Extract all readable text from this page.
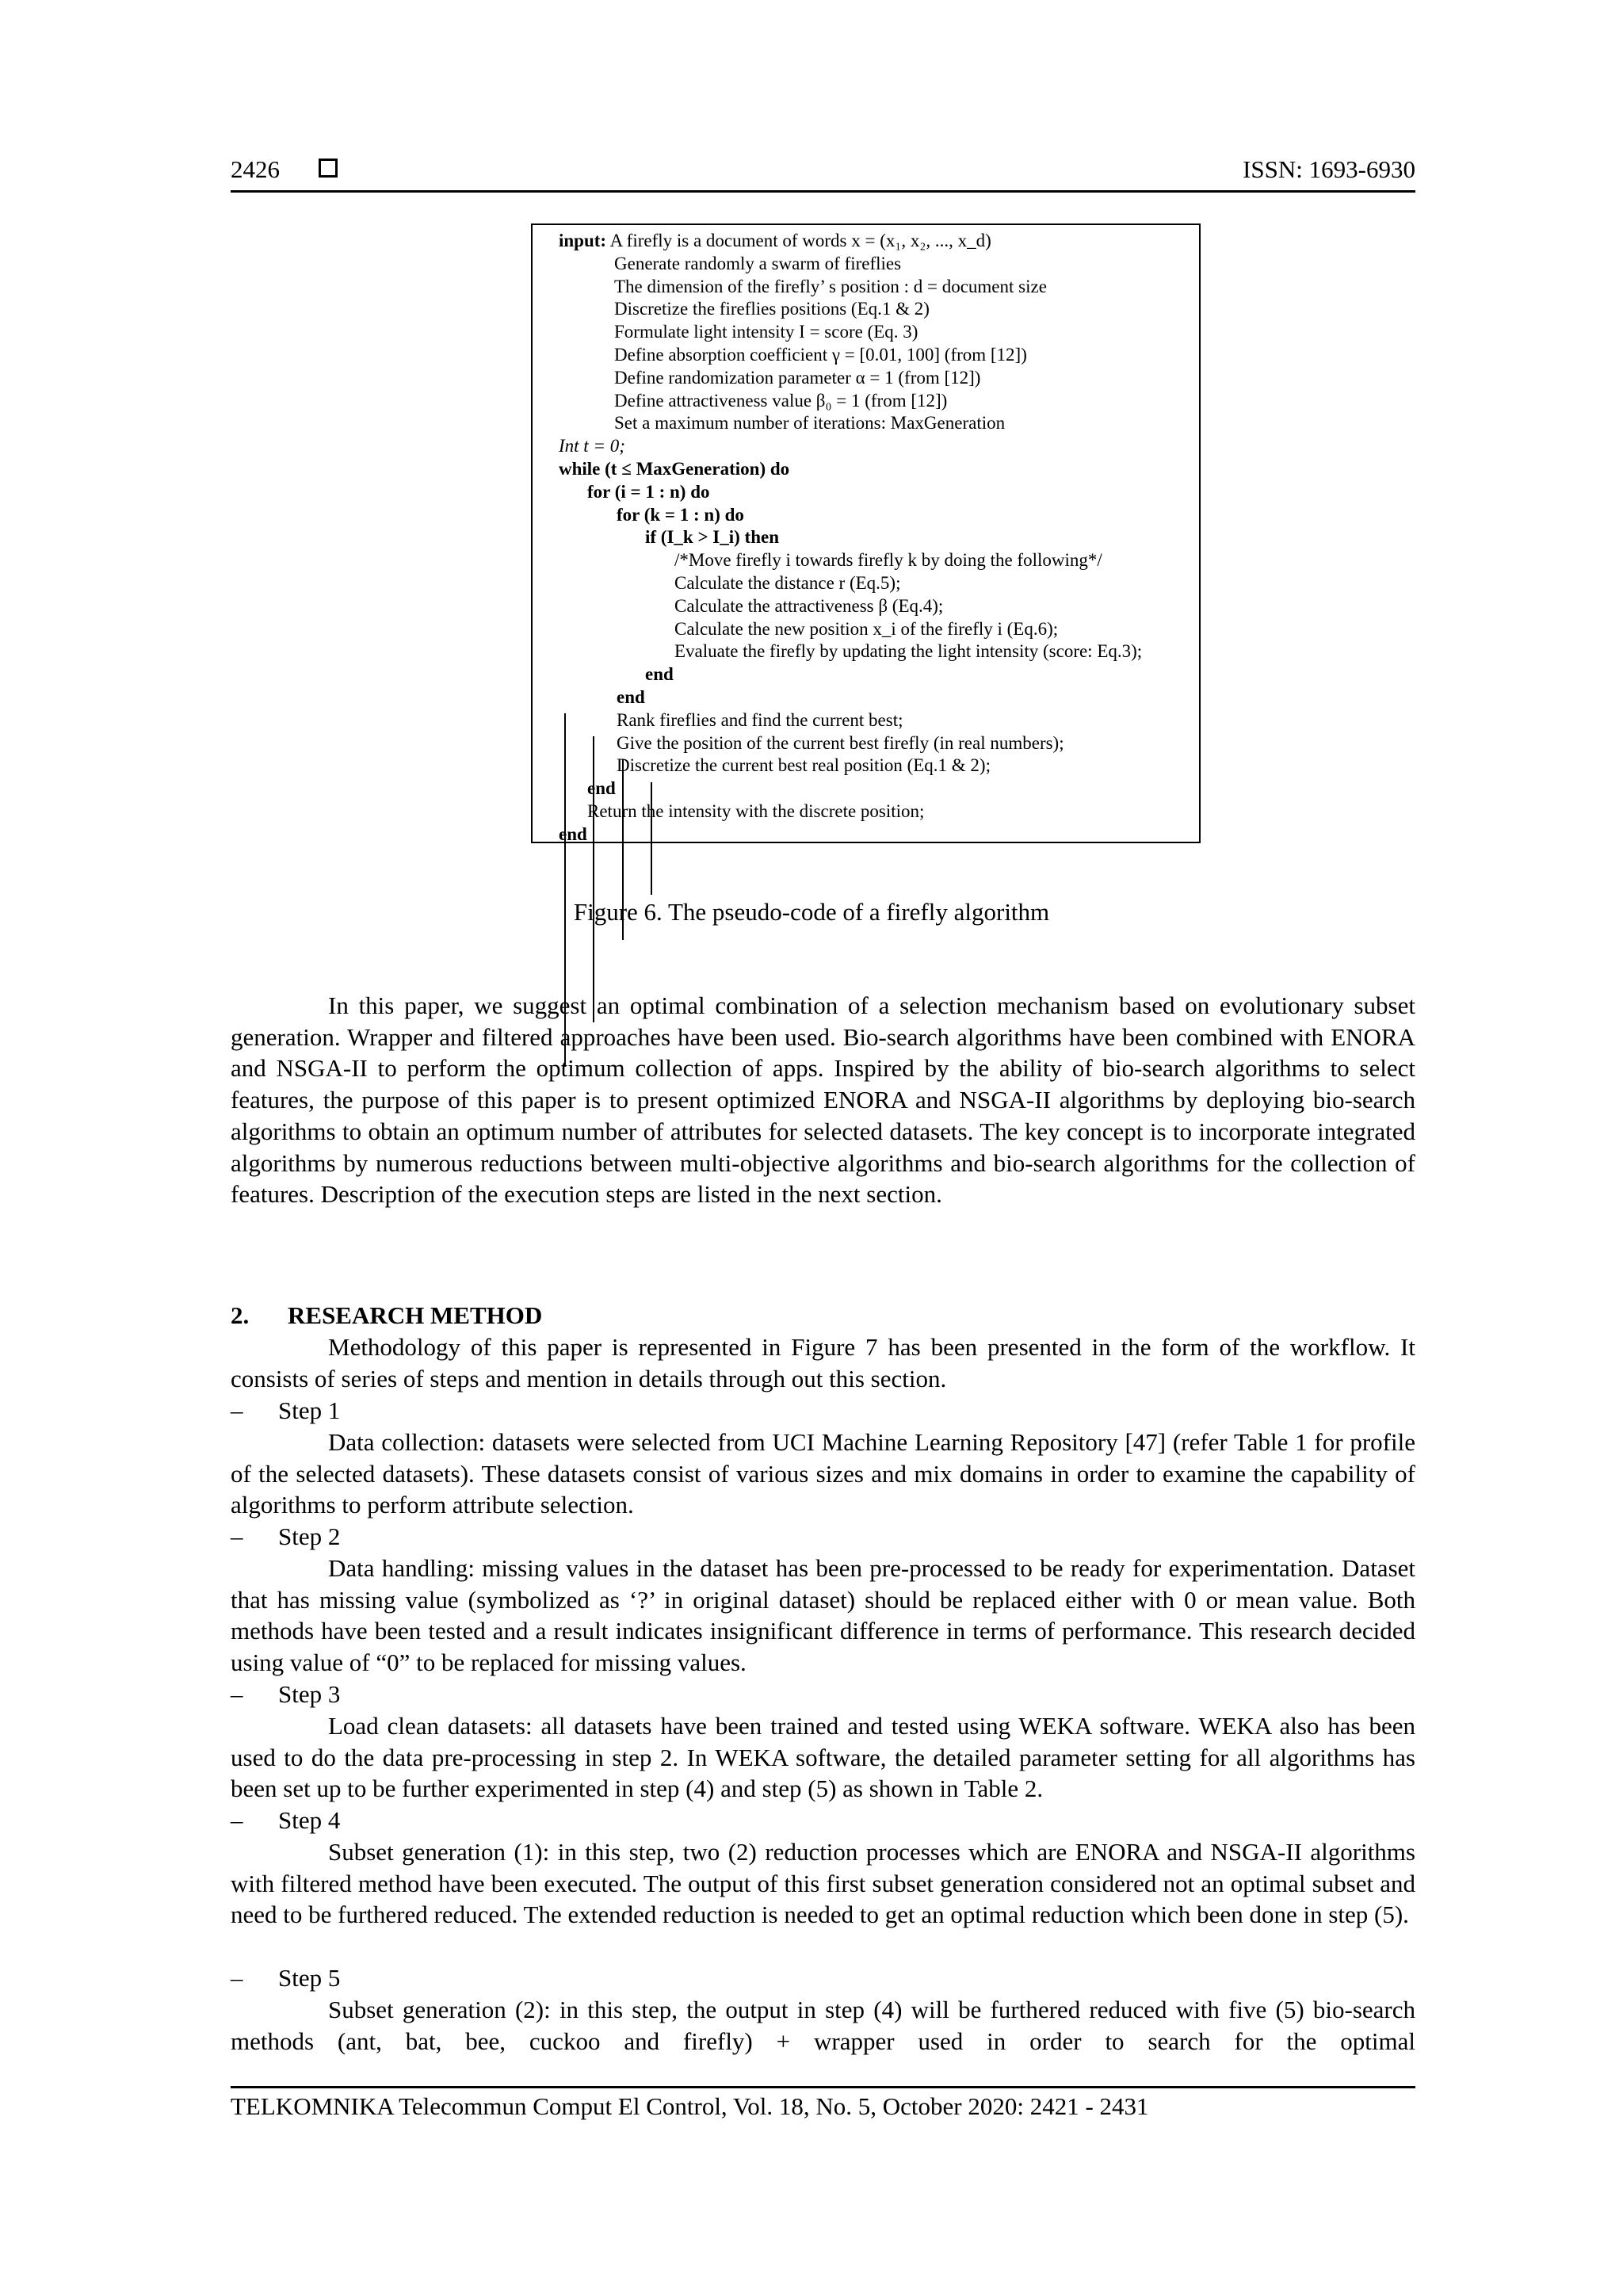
2426	ISSN: 1693-6930
input: A firefly is a document of words x = (x₁, x₂, ..., x_d)
Generate randomly a swarm of fireflies
The dimension of the firefly’ s position : d = document size
Discretize the fireflies positions (Eq.1 & 2)
Formulate light intensity I = score (Eq. 3)
Define absorption coefficient γ = [0.01, 100] (from [12])
Define randomization parameter α = 1 (from [12])
Define attractiveness value β₀ = 1 (from [12])
Set a maximum number of iterations: MaxGeneration
Int t = 0;
while (t ≤ MaxGeneration) do
for (i = 1 : n) do
for (k = 1 : n) do
if (I_k > I_i) then
/*Move firefly i towards firefly k by doing the following*/
Calculate the distance r (Eq.5);
Calculate the attractiveness β (Eq.4);
Calculate the new position x_i of the firefly i (Eq.6);
Evaluate the firefly by updating the light intensity (score: Eq.3);
end
end
Rank fireflies and find the current best;
Give the position of the current best firefly (in real numbers);
Discretize the current best real position (Eq.1 & 2);
end
Return the intensity with the discrete position;
end
Figure 6. The pseudo-code of a firefly algorithm

In this paper, we suggest an optimal combination of a selection mechanism based on evolutionary subset generation. Wrapper and filtered approaches have been used. Bio-search algorithms have been combined with ENORA and NSGA-II to perform the optimum collection of apps. Inspired by the ability of bio-search algorithms to select features, the purpose of this paper is to present optimized ENORA and NSGA-II algorithms by deploying bio-search algorithms to obtain an optimum number of attributes for selected datasets. The key concept is to incorporate integrated algorithms by numerous reductions between multi-objective algorithms and bio-search algorithms for the collection of features. Description of the execution steps are listed in the next section.

2. RESEARCH METHOD

Methodology of this paper is represented in Figure 7 has been presented in the form of the workflow. It consists of series of steps and mention in details through out this section.

– Step 1

Data collection: datasets were selected from UCI Machine Learning Repository [47] (refer Table 1 for profile of the selected datasets). These datasets consist of various sizes and mix domains in order to examine the capability of algorithms to perform attribute selection.

– Step 2

Data handling: missing values in the dataset has been pre-processed to be ready for experimentation. Dataset that has missing value (symbolized as ‘?’ in original dataset) should be replaced either with 0 or mean value. Both methods have been tested and a result indicates insignificant difference in terms of performance. This research decided using value of “0” to be replaced for missing values.

– Step 3

Load clean datasets: all datasets have been trained and tested using WEKA software. WEKA also has been used to do the data pre-processing in step 2. In WEKA software, the detailed parameter setting for all algorithms has been set up to be further experimented in step (4) and step (5) as shown in Table 2.

– Step 4

Subset generation (1): in this step, two (2) reduction processes which are ENORA and NSGA-II algorithms with filtered method have been executed. The output of this first subset generation considered not an optimal subset and need to be furthered reduced. The extended reduction is needed to get an optimal reduction which been done in step (5).

– Step 5

Subset generation (2): in this step, the output in step (4) will be furthered reduced with five (5) bio-search methods (ant, bat, bee, cuckoo and firefly) + wrapper used in order to search for the optimal

TELKOMNIKA Telecommun Comput El Control, Vol. 18, No. 5, October 2020: 2421 - 2431
